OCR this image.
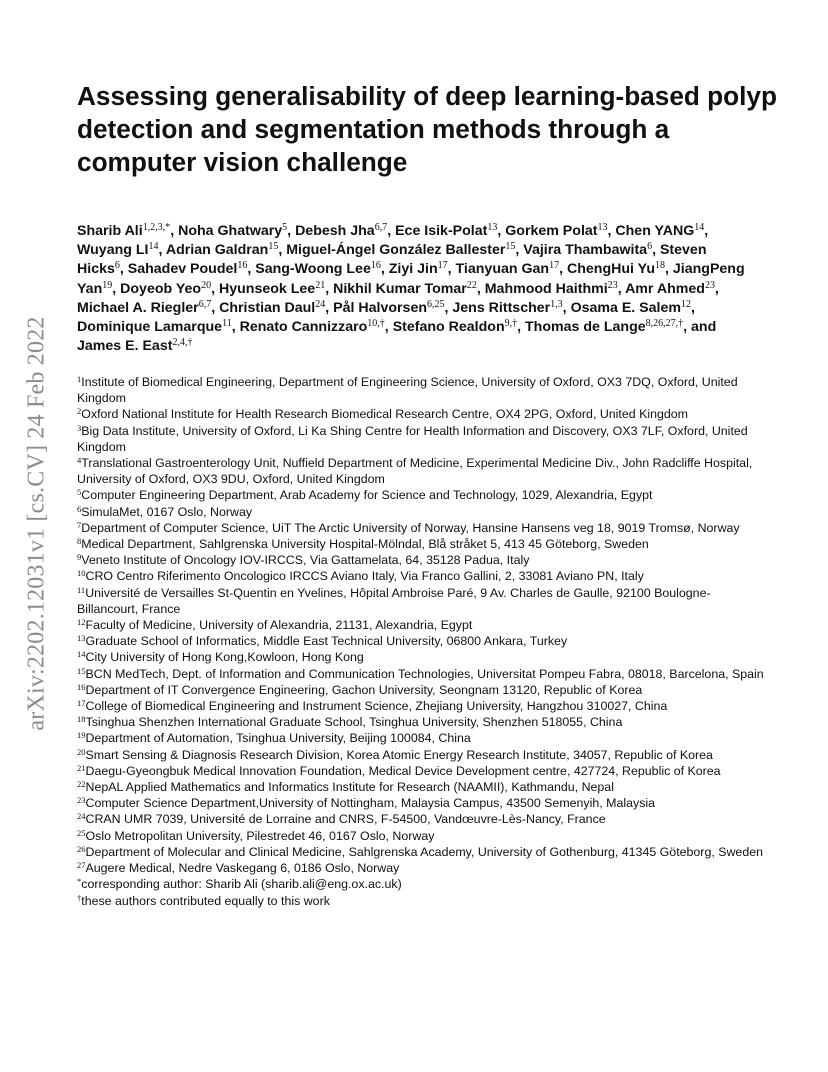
arXiv:2202.12031v1 [cs.CV] 24 Feb 2022
Assessing generalisability of deep learning-based polyp detection and segmentation methods through a computer vision challenge

Sharib Ali$^{1,2,3,*}$, Noha Ghatwary$^5$, Debesh Jha$^{6,7}$, Ece Isik-Polat$^{13}$, Gorkem Polat$^{13}$, Chen YANG$^{14}$, Wuyang LI$^{14}$, Adrian Galdran$^{15}$, Miguel-Ángel González Ballester$^{15}$, Vajira Thambawita$^6$, Steven Hicks$^6$, Sahadev Poudel$^{16}$, Sang-Woong Lee$^{16}$, Ziyi Jin$^{17}$, Tianyuan Gan$^{17}$, ChengHui Yu$^{18}$, JiangPeng Yan$^{19}$, Doyeob Yeo$^{20}$, Hyunseok Lee$^{21}$, Nikhil Kumar Tomar$^{22}$, Mahmood Haithmi$^{23}$, Amr Ahmed$^{23}$, Michael A. Riegler$^{6,7}$, Christian Daul$^{24}$, Pål Halvorsen$^{6,25}$, Jens Rittscher$^{1,3}$, Osama E. Salem$^{12}$, Dominique Lamarque$^{11}$, Renato Cannizzaro$^{10,\dagger}$, Stefano Realdon$^{9,\dagger}$, Thomas de Lange$^{8,26,27,\dagger}$, and James E. East$^{2,4,\dagger}$

$^1$Institute of Biomedical Engineering, Department of Engineering Science, University of Oxford, OX3 7DQ, Oxford, United Kingdom
$^2$Oxford National Institute for Health Research Biomedical Research Centre, OX4 2PG, Oxford, United Kingdom
$^3$Big Data Institute, University of Oxford, Li Ka Shing Centre for Health Information and Discovery, OX3 7LF, Oxford, United Kingdom
$^4$Translational Gastroenterology Unit, Nuffield Department of Medicine, Experimental Medicine Div., John Radcliffe Hospital, University of Oxford, OX3 9DU, Oxford, United Kingdom
$^5$Computer Engineering Department, Arab Academy for Science and Technology, 1029, Alexandria, Egypt
$^6$SimulaMet, 0167 Oslo, Norway
$^7$Department of Computer Science, UiT The Arctic University of Norway, Hansine Hansens veg 18, 9019 Tromsø, Norway
$^8$Medical Department, Sahlgrenska University Hospital-Mölndal, Blå stråket 5, 413 45 Göteborg, Sweden
$^9$Veneto Institute of Oncology IOV-IRCCS, Via Gattamelata, 64, 35128 Padua, Italy
$^{10}$CRO Centro Riferimento Oncologico IRCCS Aviano Italy, Via Franco Gallini, 2, 33081 Aviano PN, Italy
$^{11}$Université de Versailles St-Quentin en Yvelines, Hôpital Ambroise Paré, 9 Av. Charles de Gaulle, 92100 Boulogne-Billancourt, France
$^{12}$Faculty of Medicine, University of Alexandria, 21131, Alexandria, Egypt
$^{13}$Graduate School of Informatics, Middle East Technical University, 06800 Ankara, Turkey
$^{14}$City University of Hong Kong,Kowloon, Hong Kong
$^{15}$BCN MedTech, Dept. of Information and Communication Technologies, Universitat Pompeu Fabra, 08018, Barcelona, Spain
$^{16}$Department of IT Convergence Engineering, Gachon University, Seongnam 13120, Republic of Korea
$^{17}$College of Biomedical Engineering and Instrument Science, Zhejiang University, Hangzhou 310027, China
$^{18}$Tsinghua Shenzhen International Graduate School, Tsinghua University, Shenzhen 518055, China
$^{19}$Department of Automation, Tsinghua University, Beijing 100084, China
$^{20}$Smart Sensing & Diagnosis Research Division, Korea Atomic Energy Research Institute, 34057, Republic of Korea
$^{21}$Daegu-Gyeongbuk Medical Innovation Foundation, Medical Device Development centre, 427724, Republic of Korea
$^{22}$NepAL Applied Mathematics and Informatics Institute for Research (NAAMII), Kathmandu, Nepal
$^{23}$Computer Science Department,University of Nottingham, Malaysia Campus, 43500 Semenyih, Malaysia
$^{24}$CRAN UMR 7039, Université de Lorraine and CNRS, F-54500, Vandœuvre-Lès-Nancy, France
$^{25}$Oslo Metropolitan University, Pilestredet 46, 0167 Oslo, Norway
$^{26}$Department of Molecular and Clinical Medicine, Sahlgrenska Academy, University of Gothenburg, 41345 Göteborg, Sweden
$^{27}$Augere Medical, Nedre Vaskegang 6, 0186 Oslo, Norway
*corresponding author: Sharib Ali (sharib.ali@eng.ox.ac.uk)
†these authors contributed equally to this work
